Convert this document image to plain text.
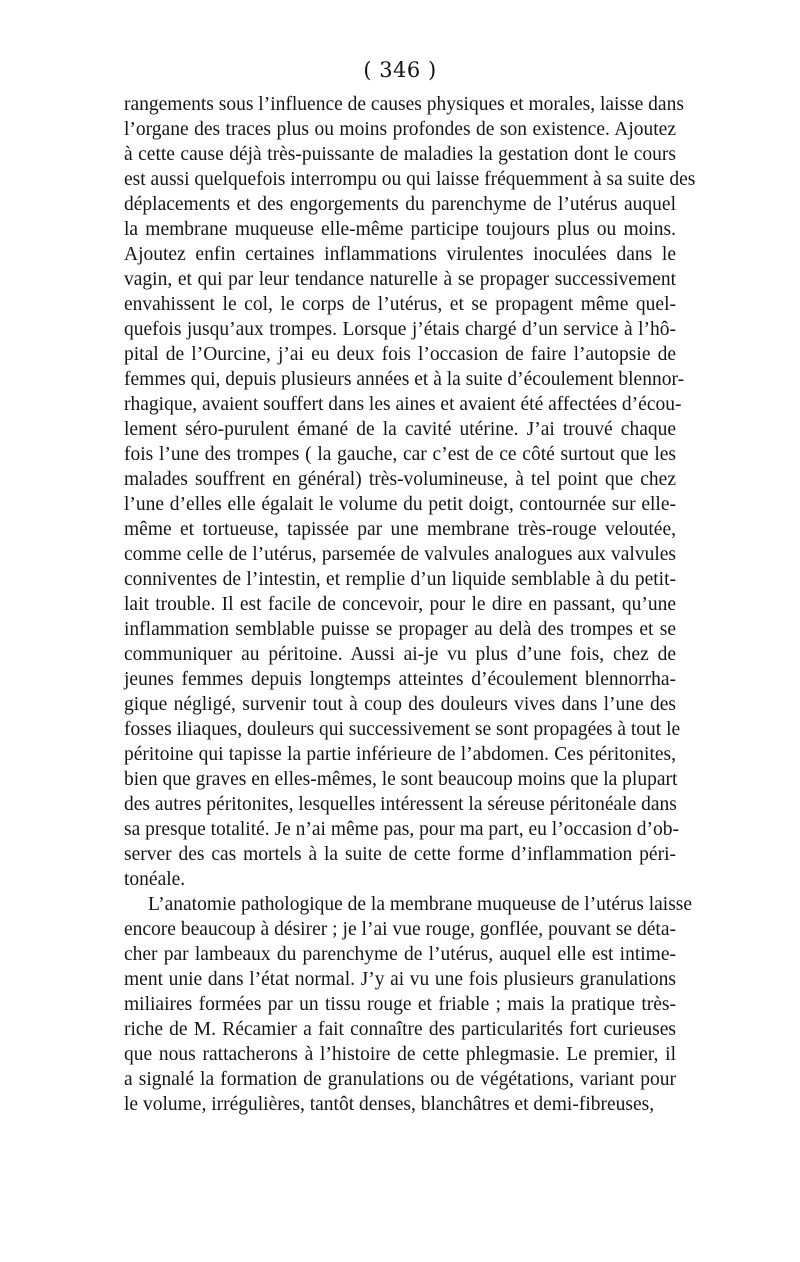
( 346 )
rangements sous l’influence de causes physiques et morales, laisse dans
l’organe des traces plus ou moins profondes de son existence. Ajoutez
à cette cause déjà très-puissante de maladies la gestation dont le cours
est aussi quelquefois interrompu ou qui laisse fréquemment à sa suite des
déplacements et des engorgements du parenchyme de l’utérus auquel
la membrane muqueuse elle-même participe toujours plus ou moins.
Ajoutez enfin certaines inflammations virulentes inoculées dans le
vagin, et qui par leur tendance naturelle à se propager successivement
envahissent le col, le corps de l’utérus, et se propagent même quel-
quefois jusqu’aux trompes. Lorsque j’étais chargé d’un service à l’hô-
pital de l’Ourcine, j’ai eu deux fois l’occasion de faire l’autopsie de
femmes qui, depuis plusieurs années et à la suite d’écoulement blennor-
rhagique, avaient souffert dans les aines et avaient été affectées d’écou-
lement séro-purulent émané de la cavité utérine. J’ai trouvé chaque
fois l’une des trompes ( la gauche, car c’est de ce côté surtout que les
malades souffrent en général) très-volumineuse, à tel point que chez
l’une d’elles elle égalait le volume du petit doigt, contournée sur elle-
même et tortueuse, tapissée par une membrane très-rouge veloutée,
comme celle de l’utérus, parsemée de valvules analogues aux valvules
conniventes de l’intestin, et remplie d’un liquide semblable à du petit-
lait trouble. Il est facile de concevoir, pour le dire en passant, qu’une
inflammation semblable puisse se propager au delà des trompes et se
communiquer au péritoine. Aussi ai-je vu plus d’une fois, chez de
jeunes femmes depuis longtemps atteintes d’écoulement blennorrha-
gique négligé, survenir tout à coup des douleurs vives dans l’une des
fosses iliaques, douleurs qui successivement se sont propagées à tout le
péritoine qui tapisse la partie inférieure de l’abdomen. Ces péritonites,
bien que graves en elles-mêmes, le sont beaucoup moins que la plupart
des autres péritonites, lesquelles intéressent la séreuse péritonéale dans
sa presque totalité. Je n’ai même pas, pour ma part, eu l’occasion d’ob-
server des cas mortels à la suite de cette forme d’inflammation péri-
tonéale.
L’anatomie pathologique de la membrane muqueuse de l’utérus laisse
encore beaucoup à désirer ; je l’ai vue rouge, gonflée, pouvant se déta-
cher par lambeaux du parenchyme de l’utérus, auquel elle est intime-
ment unie dans l’état normal. J’y ai vu une fois plusieurs granulations
miliaires formées par un tissu rouge et friable ; mais la pratique très-
riche de M. Récamier a fait connaître des particularités fort curieuses
que nous rattacherons à l’histoire de cette phlegmasie. Le premier, il
a signalé la formation de granulations ou de végétations, variant pour
le volume, irrégulières, tantôt denses, blanchâtres et demi-fibreuses,
